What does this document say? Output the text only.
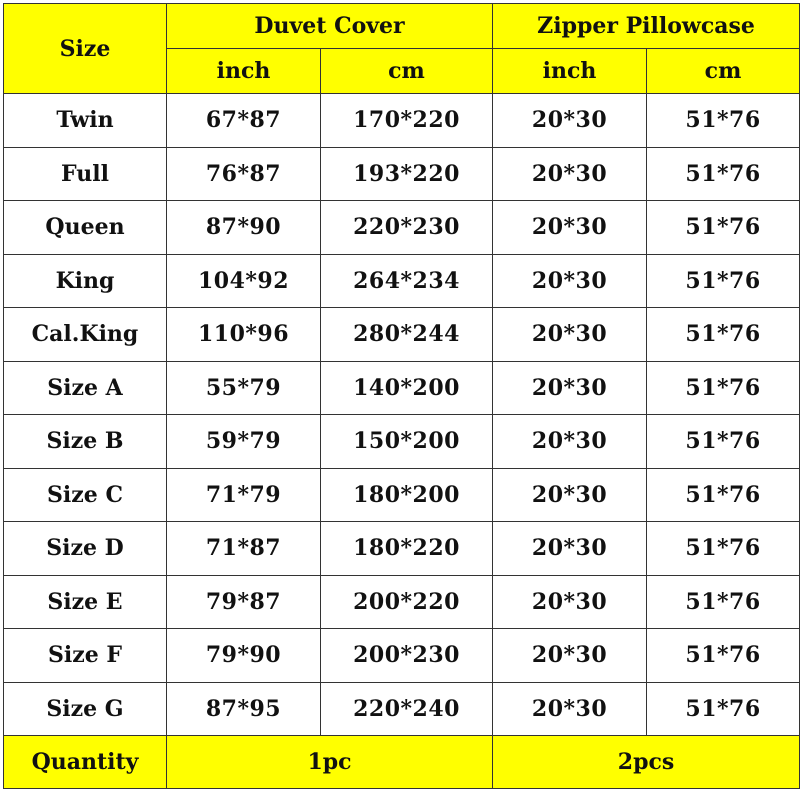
Size	Duvet Cover		Zipper Pillowcase	
	inch	cm	inch	cm
Twin	67*87	170*220	20*30	51*76
Full	76*87	193*220	20*30	51*76
Queen	87*90	220*230	20*30	51*76
King	104*92	264*234	20*30	51*76
Cal.King	110*96	280*244	20*30	51*76
Size A	55*79	140*200	20*30	51*76
Size B	59*79	150*200	20*30	51*76
Size C	71*79	180*200	20*30	51*76
Size D	71*87	180*220	20*30	51*76
Size E	79*87	200*220	20*30	51*76
Size F	79*90	200*230	20*30	51*76
Size G	87*95	220*240	20*30	51*76
Quantity	1pc		2pcs	
